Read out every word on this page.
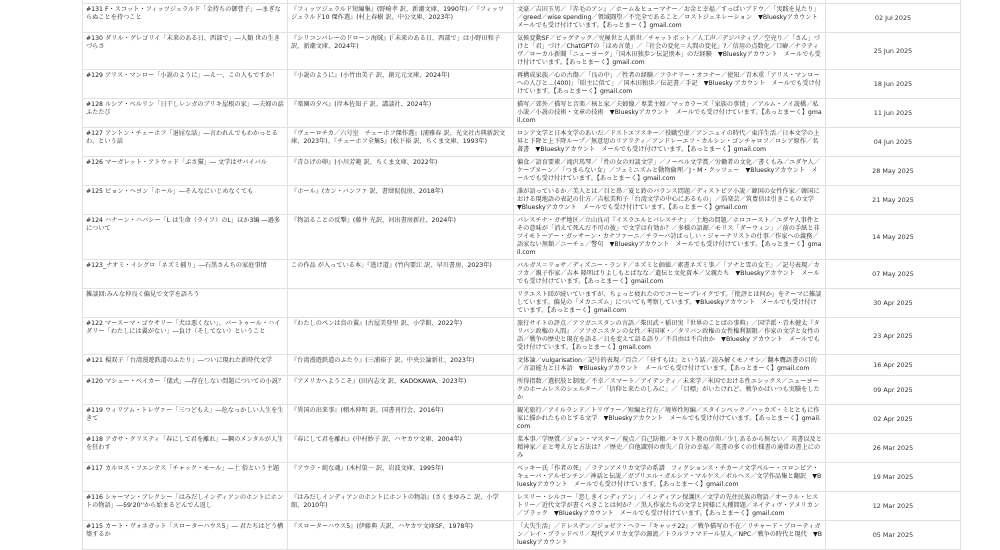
#131 F・スコット・フィッツジェラルド「金持ちの御曹子」―まぎならぬことを持つこと	『フィッツジェラルド短編集』(野崎孝 訳、新潮文庫、1990年)／『フィッツジェラルド10 傑作選』(村上春樹 訳、中公文庫、2023年)	文豪／吉田玉男／『赤毛のアン』／ホーム＆ヒューマナー／お金と幸福／すっぱいブドウ／「実践を見たり」／greed／wise spending／領域闘望／不完全であること／ロストジェネレーション　▼Blueskyアカウント　メールでも受け付けています。【あっとまーく】gmail.com	02 Jul 2025
#130 ダリル・グレゴリイ「未来のある日、西部で」―人類 世の生きづらさ	『シリコンバレーのドローン海賊』(「未来のある日、西部で」は小野田和子 訳、新潮文庫、2024年)	気候変動SF／ビッグテック／究極世と人新世／チャットボット／人工声／デジパティブ／空売り／「さん」づけと「君」づけ／ChatGPTの「ほめ言葉」／「社会の変化＝人間の変化」?／信用の点数化／口癖／ナラティヴ／ローカル新聞「ニューヨーク」「国木田独歩ン伝記別本」のだ経験　▼Blueskyアカウント　メールでも受け付けています。【あっとまーく】gmail.com	25 Jun 2025
#129 アリス・マンロー「小説のように」―え一、この人もですか！	『小説のように』(小竹由美子 訳、創元元文庫、2024年)	再構成家族／心の古傷／「良の中」／性者の経験／フラナリー・オコナー／使知／青木重「アリス・マンローへの人びと…(400)」「昭主に似て」／国木田独歩／伝記書／手記　▼Bluesky アカウント　メールでも受け付けています。【あっとまーく】gmail.com	18 Jun 2025
#128 ルシア・ベルリン「日干しレンガのブリキ屋根の家」―夫婦の話ふたたび	『楽園の夕べ』(岸本佐知子 訳、講談社、2024年)	描写／郊外／描写と音楽／核と家／夫婦像／専業主婦／マッカラーズ「家族の事情」／アルム・ノイ説橋／私小説／小説の技術・文章の技術　▼Blueskyアカウント　メールでも受け付けています。【あっとまーく】gmail.com	11 Jun 2025
#127 アントン・チェーホフ「退屈な話」―言われんでもわかっとるわ、という話	『ヴェーロチカ／六号室　チェーホフ傑作選』(浦雅春 訳、光文社古典新訳文庫、2023年)、『チェーホフ全集5』(松下裕 訳、ちくま文庫、1993年)	ロシア文学と日本文学のあいだ／ドストエフスキー／役職空虚／アンニュイの時代／東洋生活／日本文学の上昇と下降と上下降ループ／無意思のリアリティ／アンドレーエフ・カルシン・ゴンチャロフ／ロシア原作／名著書　▼Blueskyアカウント　メールでも受け付けています。【あっとまーく】gmail.com	04 Jun 2025
#126 マーガレット・アトウッド「ぶさ猫」― 文学はサバイバル	『青ひげの卵』(小川芳範 訳、ちくま文庫、2022年)	偏食／語育要素／滝沢馬琴／「性の女の対談文学」／ノーベル文学賞／労働者の文化／書くもみ／ユダヤ人／ケーブヌーン／「つまらない女」／フェミニズムと動物倫理／J・M・クッツェー　▼Blueskyアカウント　メールでも受け付けています。【あっとまーく】gmail.com	28 May 2025
#125 ビョン・ヘヨン「ホール」―そんなにいじめなくても	『ホール』(カン・バンファ 訳、書肆侃侃房、2018年)	誰が語っているか／美人とは／目と鼻／夏と鈴のバランス問題／ディストピア小説／韓国の女性作家／韓国における現地語の表記の仕方／吉松美和子「台湾文学の中心にあるもの」／浩楽芸／筑豊信は引きこもの文学　▼Blueskyアカウント　メールでも受け付けています。【あっとまーく】gmail.com	21 May 2025
#124 ハナーン・ハバシー「L は生命（ライフ）のL」ほか3編 ―過多について	『物語ることの反撃』(藤井 光訳、河出書房新社、2024年)	パレスチナ・ガザ地区／立山良司『イスラエルとパレスチナ』／土地の問題／ホロコースト／ユダヤ人事件とその意味が「消えて死んだ不可の彼」で文学は有効か？／多様の語源／モリス「ダーウィン」／前の手紙と非ツイモトーアー・ガッサーン・カナファーニ／チラーバ詩ばっしい・ジャーナリストの仕事／作家への義務／語家ない無類／ニーチェ／警句　▼Blueskyアカウント　メールでも受け付けています。【あっとまーく】gmail.com	14 May 2025
#123_ナオミ・イシグロ「ネズミ捕り」―石黒さんちの家庭事情	この作品 が入っている本」『逃げ道』(竹内要江 訳、早川書房、2023年)	バルガス＝リョサ／ディズニー・ランド／ネズミと価値／素書ネズミ事／「アナと雪の女王」／記号表現／カフカ／親子作家／吉本 隆明ばりよしもとばなな／遺伝と文化資本／父親たち　▼Blueskyアカウント　メールでも受け付けています。【あっとまーく】gmail.com	07 May 2025
雑談回:みんな仲良く偏見で文学を語ろう		リクエスト回が続いていますが、ちょっと疲れたのでコーヒーブレイクです。「批評とは何か」をテーマに雑談しています。偏見の「メカニズム」についても考察しています。▼Blueskyアカウント　メールでも受け付けています。【あっとまーく】gmail.com	30 Apr 2025
#122 マースーマ・ゴウサリー「犬は悪くない」、バートゥール・ハイダリー「わたしには翼がない」―負け（そしてない）ということ	『わたしのペンは鳥の翼』(古屋美登里 訳、小学館、2022年)	旅行サイトの評点／アフガニスタンの言語／柴田武・稲田実『世界のことばの事典』／国学派・青木健太『タリバン政権の人間』／アフガニスタンの女性／米国軍・／タリバン政権の女性権利制限／作家の文学と女性の語／戦争の歴史と現在を語る／日を変えて語る語り／不自由は不自由か　▼Bluesky アカウント　メールでも受け付けています。【あっとまーく】gmail.com	23 Apr 2025
#121 楊双子「台湾漫遊鉄道のふたり」―ついに現れた新時代文学	『台湾漫遊鉄道のふたり』(三浦裕子 訳、中央公論新社、2023年)	文体論／vulgarisation／記号的表現／百合／「昼すもは」という話／読み解くモノサシ／翻本鷹語書の目的／言語能力と日本語　▼Blueskyアカウント　メールでも受け付けています。【あっとまーく】gmail.com	16 Apr 2025
#120 マシュー・ベイカー「儀式」―存在しない問題についての小説？	『アメリカへようこそ』(田内志文 訳、KADOKAWA、2023年)	所得指数／選択肢と制度／不幸／スマート／アイデンティ／未来学／米国でおける性エシックス／ニューヨークのホームレスのシェルター／「信仰と来たのしみに」／「目標」がいたけれど、戦争かはいつも実験をしたか	09 Apr 2025
#119 ウィリアム・トレヴァー「三つどもえ」―危なっかしい人生を生きて	『異国の出来事』(栩木伸明 訳、国書刊行会、2016年)	観光旅行／アイルランド／トリヴァー／短編と行方／境界性短編／スタインベック／ハッカズ・ミとともに作家に描かれたものとする文学　▼Blueskyアカウント　メールでも受け付けています。【あっとまーく】gmail.com	02 Apr 2025
#118 アガサ・クリスティ「春にして君を離れ」―鋼のメンタルが人生を狂わす	『春にして君を離れ』(中村妙子 訳、ハヤカワ文庫、2004年)	菜本事／学歴賞／ジョン・マスター／視点／自己防衛／キリスト教の信仰／少しあるから無ない／ 英書以及と精神家／正と考え方と方法は？／歴史／自他識別の喪失／自分の幸福／英書の多くの仕様書の通常の書上にのみ	26 Mar 2025
#117 カルロス・フエンテス「チャック・モール」―土 俗という主題	『アウラ・純な魂』(木村榮一 訳、岩波文庫、1995年)	ベッキー氏「作者の死」／ラテンアメリカ文学の系譜　フィクションス・チカーノ文学ペルー・コロンビア・キューバ・アルゼンチン／神話と伝説／ガブリエル・ガルシア・マルケス／ボルヘス／文学作品集と翻訳　▼Blueskyアカウント　メールでも受け付けています。【あっとまーく】gmail.com	19 Mar 2025
#116 シャーマン・アレクシー「はみだしインディアンのホントにホントの物語」―59'20''から始まるどんでん返し	『はみだしインディアンのホントにホントの物語』(さくまゆみこ 訳、小学館、2010年)	レスリー・シルコー「恋しきインディアン」／インディアン保護区／文学の先住民族の物語／オーラル・ヒストリー／近代文学が書くべきことは何か？／黒人作家たちの文学と同様に人種間題／ネイティヴ・アメリカン／ブラック　▼Blueskyアカウント　メールでも受け付けています。【あっとまーく】gmail.com	12 Mar 2025
#115 カート・ヴォネガット「スローターハウス5」― 君たちはどう構築するか	『スローターハウス5』(伊藤典 夫訳、ハヤカワ文庫SF、1978年)	「大失生活」／ドレスデン／ジョゼフ・ヘラー『キャッチ22』／戦争描写の不在／リチャード・ブローティガン／レイ・ブラッドベリ／現代アメリカ文学の源流／トラルファマドール星人／NPC／戦争の時代と現代　▼Blueskyアカウント	05 Mar 2025
